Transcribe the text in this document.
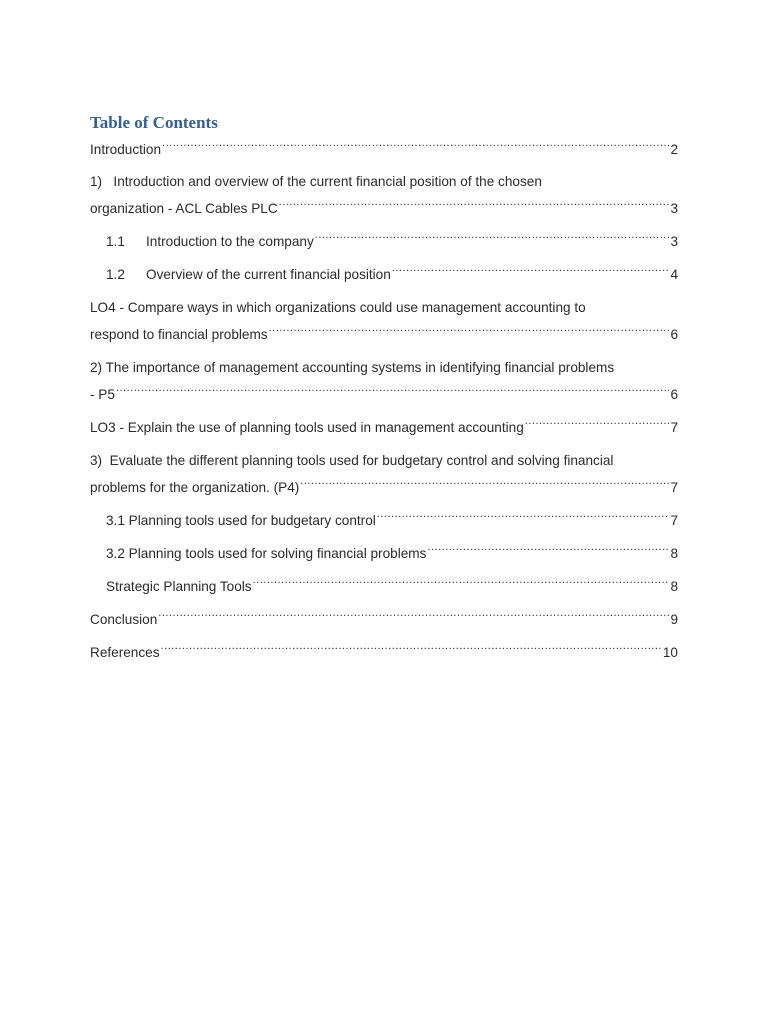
Table of Contents
Introduction .....	2
1)   Introduction and overview of the current financial position of the chosen
organization - ACL Cables PLC .....	3
1.1	Introduction to the company .....	3
1.2	Overview of the current financial position .....	4
LO4 - Compare ways in which organizations could use management accounting to
respond to financial problems .....	6
2) The importance of management accounting systems in identifying financial problems
- P5 .....	6
LO3 - Explain the use of planning tools used in management accounting .....	7
3)  Evaluate the different planning tools used for budgetary control and solving financial
problems for the organization. (P4) .....	7
3.1 Planning tools used for budgetary control .....	7
3.2 Planning tools used for solving financial problems .....	8
Strategic Planning Tools .....	8
Conclusion .....	9
References .....	10
